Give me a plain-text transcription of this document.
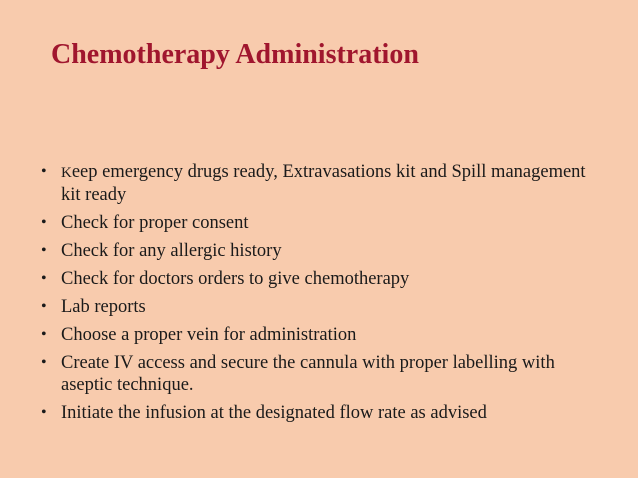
Chemotherapy Administration
• Keep emergency drugs ready, Extravasations kit and Spill management kit ready
• Check for proper consent
• Check for any allergic history
• Check for doctors orders to give chemotherapy
• Lab reports
• Choose a proper vein for administration
• Create IV access and secure the cannula with proper labelling with aseptic technique.
• Initiate the infusion at the designated flow rate as advised
